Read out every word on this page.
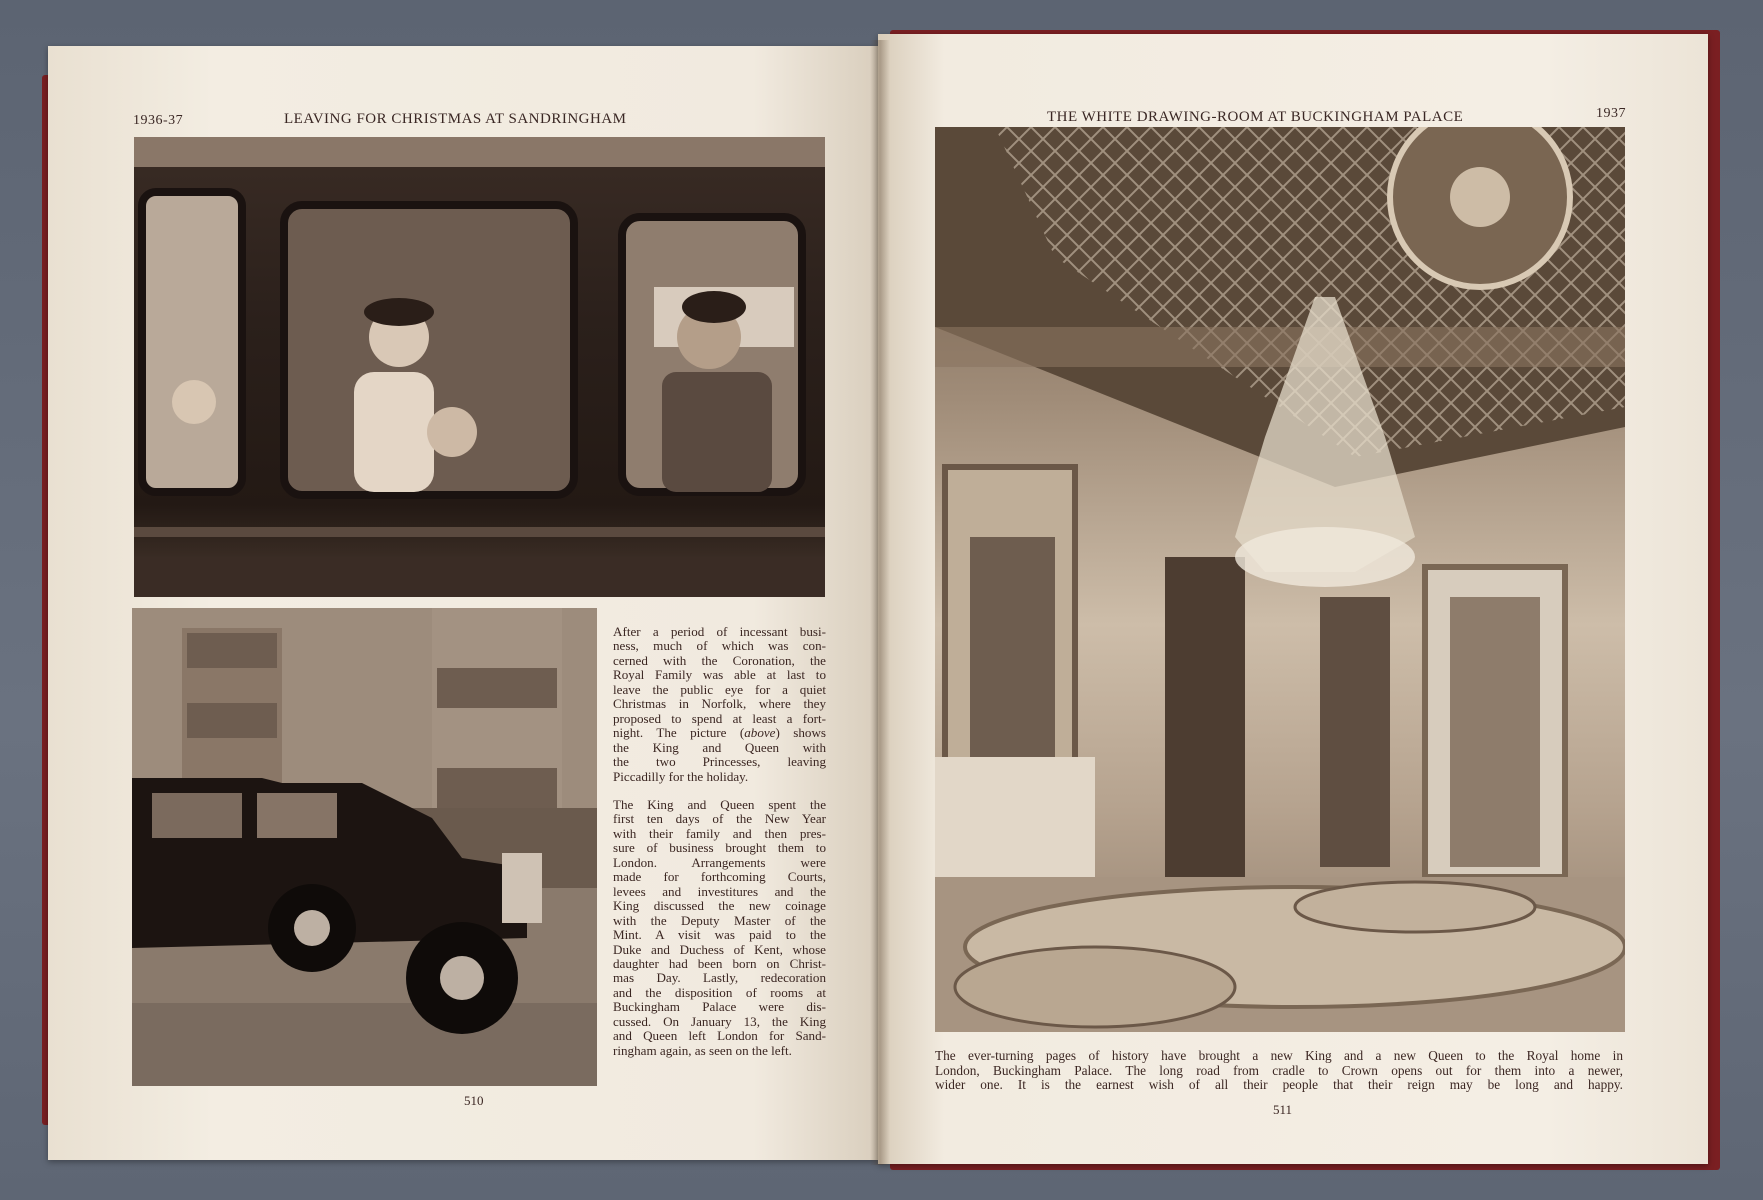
1936-37	LEAVING FOR CHRISTMAS AT SANDRINGHAM
After a period of incessant busi-
ness, much of which was con-
cerned with the Coronation, the
Royal Family was able at last to
leave the public eye for a quiet
Christmas in Norfolk, where they
proposed to spend at least a fort-
night. The picture (above) shows
the King and Queen with
the two Princesses, leaving
Piccadilly for the holiday.
The King and Queen spent the
first ten days of the New Year
with their family and then pres-
sure of business brought them to
London. Arrangements were
made for forthcoming Courts,
levees and investitures and the
King discussed the new coinage
with the Deputy Master of the
Mint. A visit was paid to the
Duke and Duchess of Kent, whose
daughter had been born on Christ-
mas Day. Lastly, redecoration
and the disposition of rooms at
Buckingham Palace were dis-
cussed. On January 13, the King
and Queen left London for Sand-
ringham again, as seen on the left.
510
THE WHITE DRAWING-ROOM AT BUCKINGHAM PALACE	1937
The ever-turning pages of history have brought a new King and a new Queen to the Royal home in
London, Buckingham Palace. The long road from cradle to Crown opens out for them into a newer,
wider one. It is the earnest wish of all their people that their reign may be long and happy.
511
